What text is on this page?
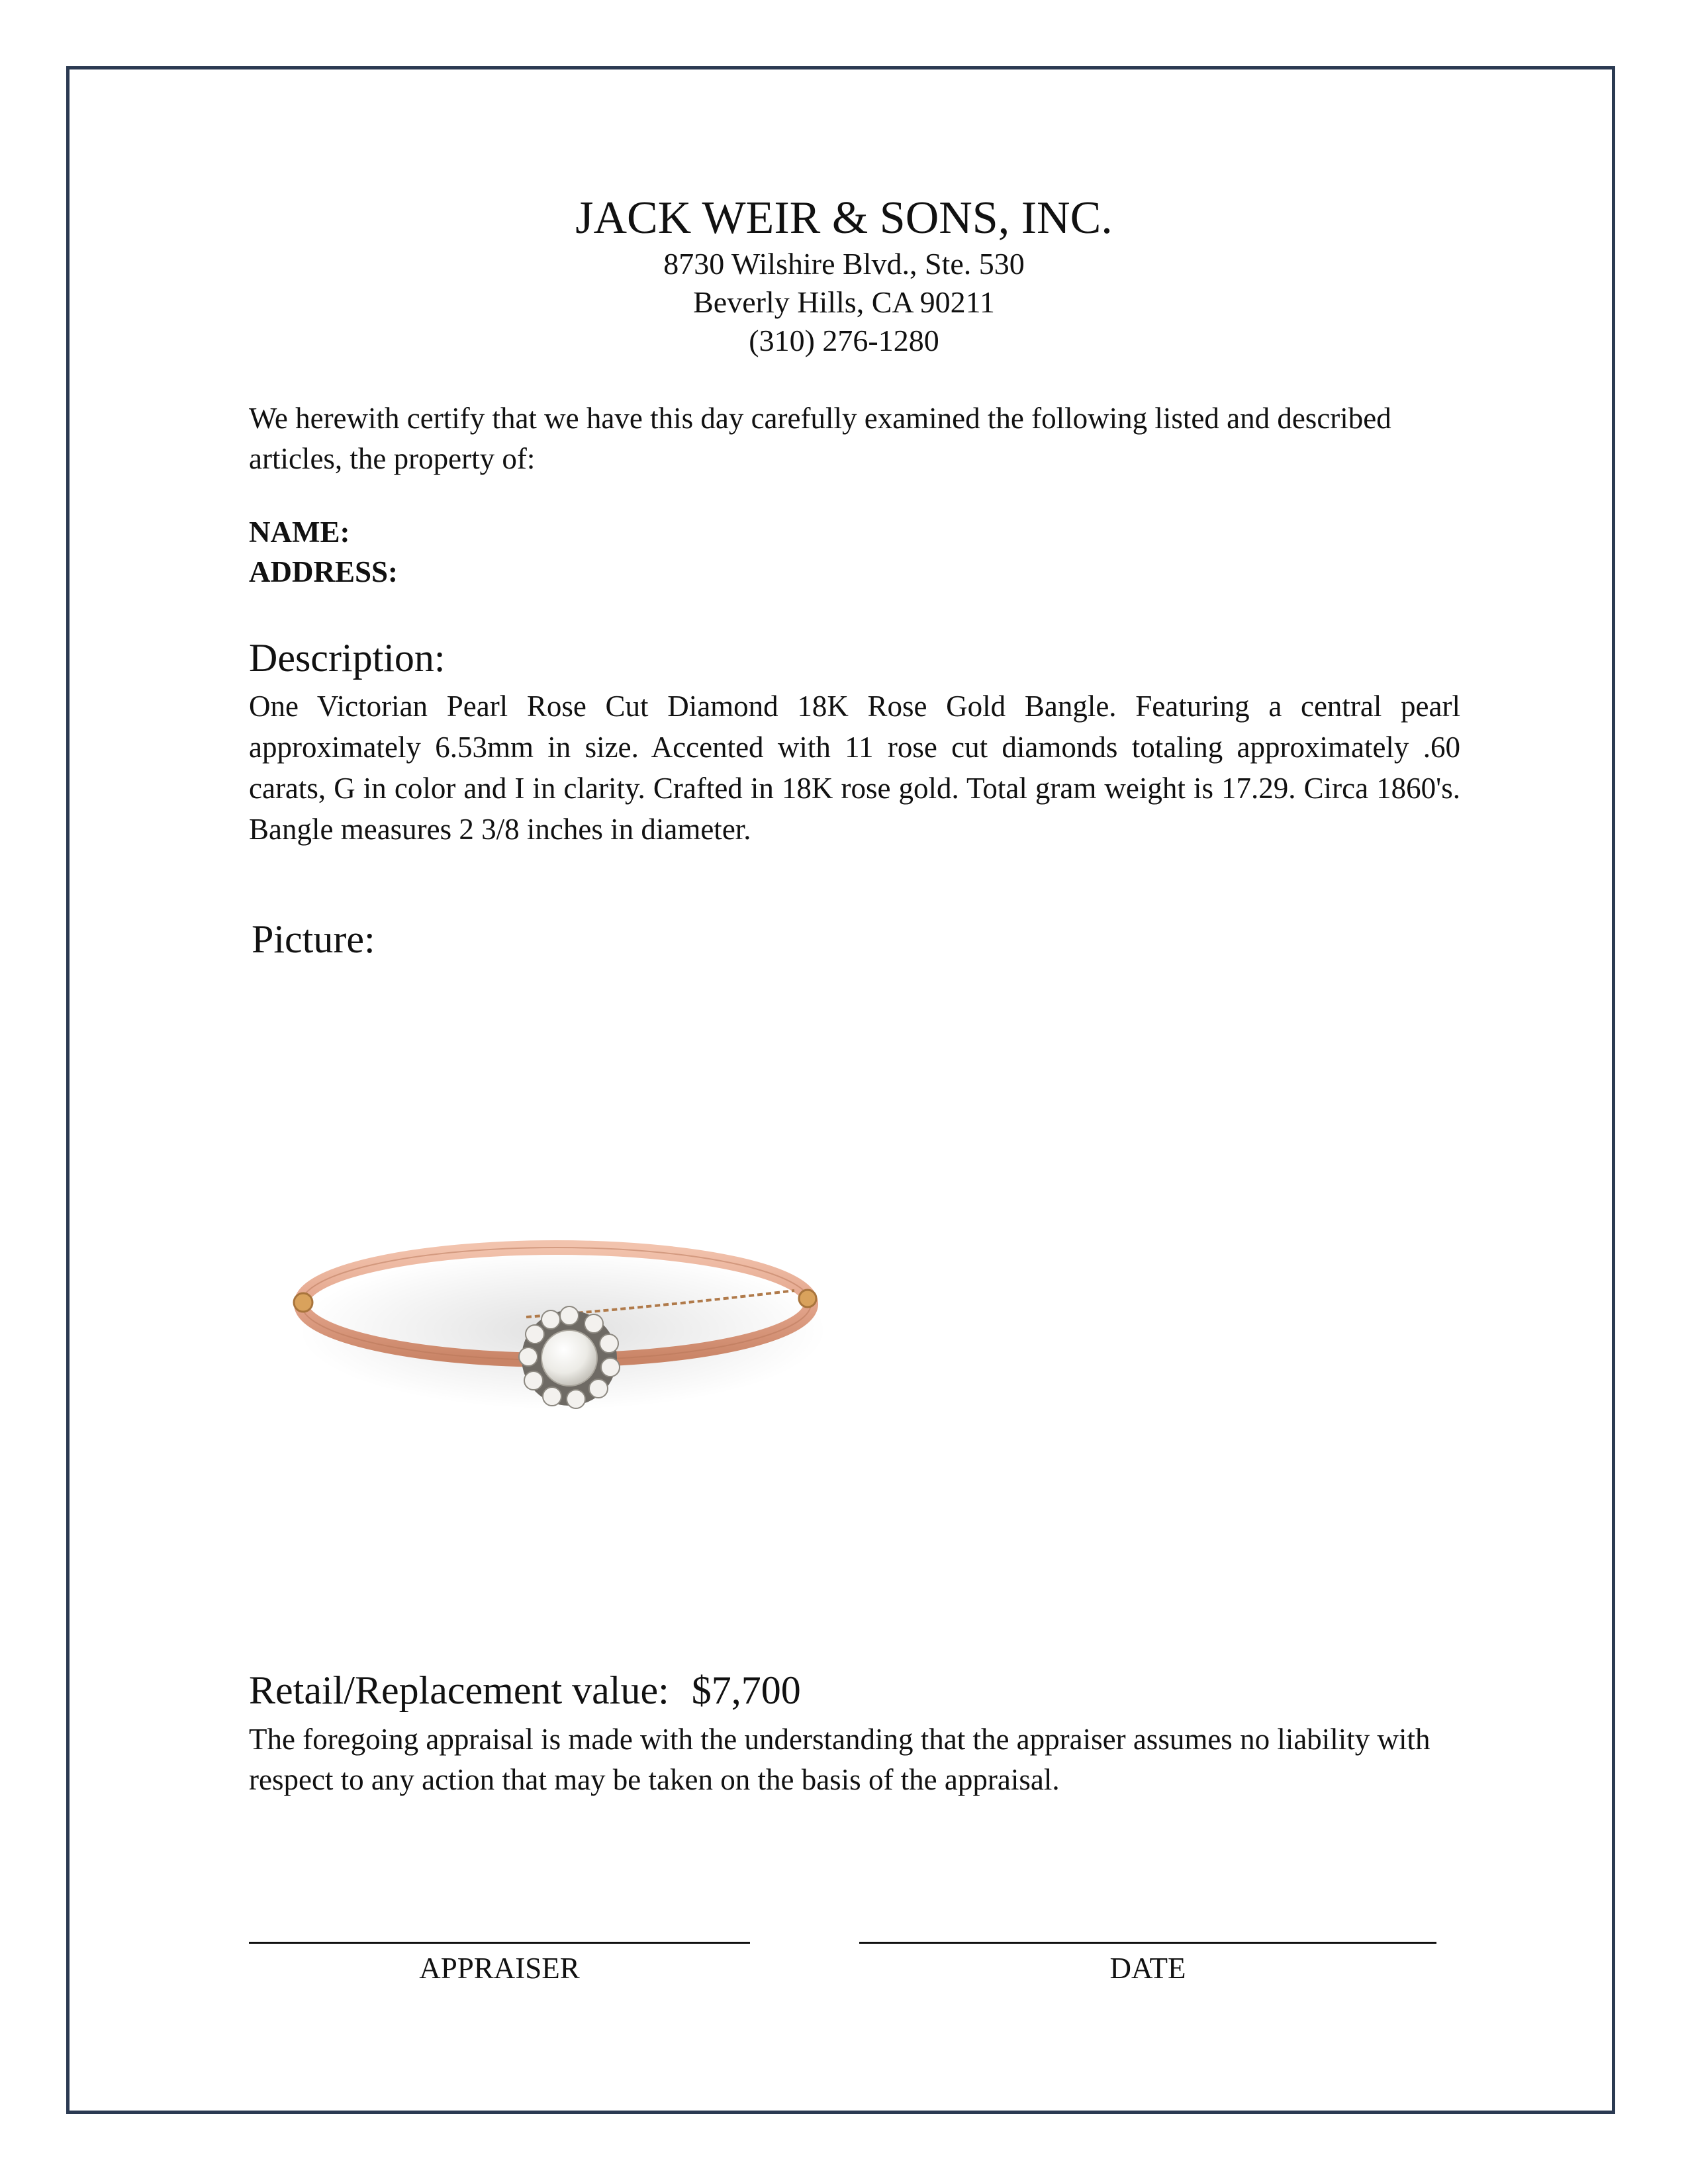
JACK WEIR & SONS, INC.
8730 Wilshire Blvd., Ste. 530
Beverly Hills, CA 90211
(310) 276-1280
We herewith certify that we have this day carefully examined the following listed and described articles, the property of:
NAME:
ADDRESS:
Description:
One Victorian Pearl Rose Cut Diamond 18K Rose Gold Bangle. Featuring a central pearl approximately 6.53mm in size. Accented with 11 rose cut diamonds totaling approximately .60 carats, G in color and I in clarity. Crafted in 18K rose gold. Total gram weight is 17.29. Circa 1860's. Bangle measures 2 3/8 inches in diameter.
Picture:
Retail/Replacement value: $7,700
The foregoing appraisal is made with the understanding that the appraiser assumes no liability with respect to any action that may be taken on the basis of the appraisal.
APPRAISER	DATE
